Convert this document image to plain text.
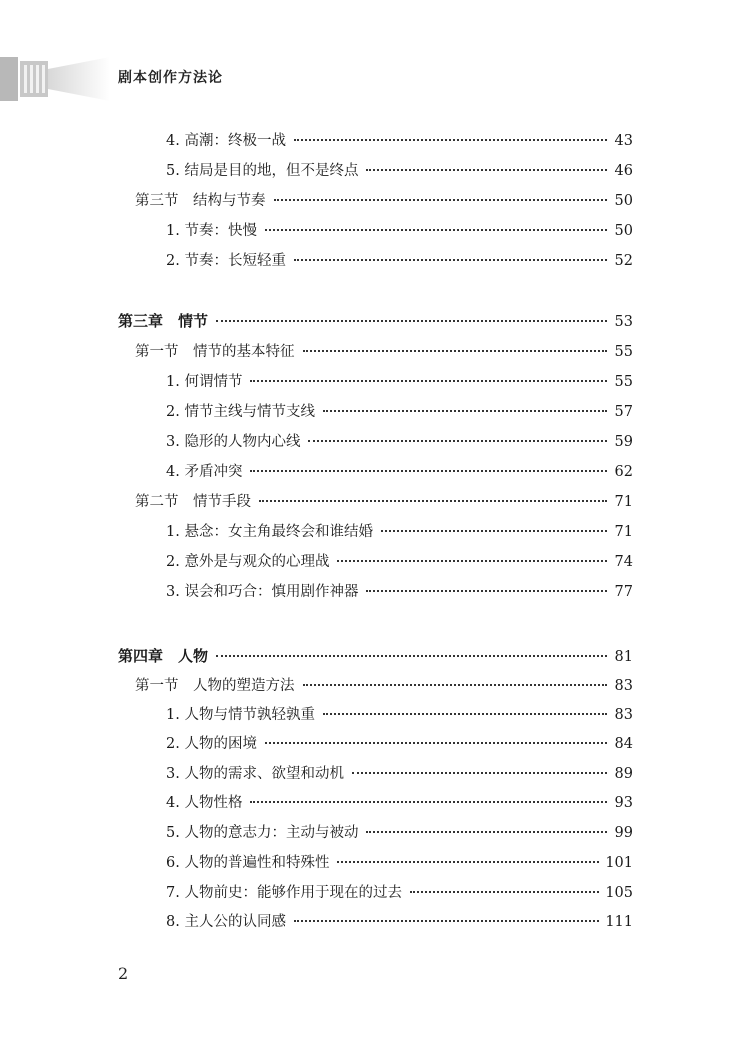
剧本创作方法论
4. 高潮：终极一战	43
5. 结局是目的地，但不是终点	46
第三节　结构与节奏	50
1. 节奏：快慢	50
2. 节奏：长短轻重	52
第三章　情节	53
第一节　情节的基本特征	55
1. 何谓情节	55
2. 情节主线与情节支线	57
3. 隐形的人物内心线	59
4. 矛盾冲突	62
第二节　情节手段	71
1. 悬念：女主角最终会和谁结婚	71
2. 意外是与观众的心理战	74
3. 误会和巧合：慎用剧作神器	77
第四章　人物	81
第一节　人物的塑造方法	83
1. 人物与情节孰轻孰重	83
2. 人物的困境	84
3. 人物的需求、欲望和动机	89
4. 人物性格	93
5. 人物的意志力：主动与被动	99
6. 人物的普遍性和特殊性	101
7. 人物前史：能够作用于现在的过去	105
8. 主人公的认同感	111
2
